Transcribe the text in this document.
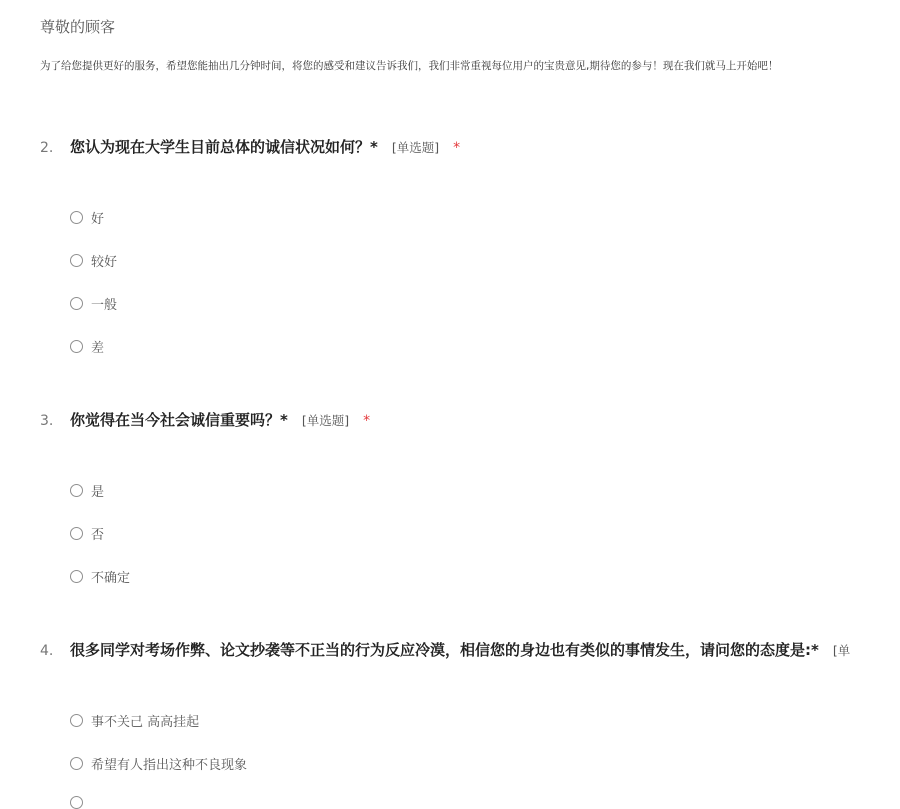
尊敬的顾客
为了给您提供更好的服务，希望您能抽出几分钟时间，将您的感受和建议告诉我们，我们非常重视每位用户的宝贵意见,期待您的参与！现在我们就马上开始吧！
2.	您认为现在大学生目前总体的诚信状况如何？* [单选题] *
好
较好
一般
差
3.	你觉得在当今社会诚信重要吗？* [单选题] *
是
否
不确定
4.	很多同学对考场作弊、论文抄袭等不正当的行为反应冷漠，相信您的身边也有类似的事情发生，请问您的态度是:* [单
事不关己 高高挂起
希望有人指出这种不良现象
